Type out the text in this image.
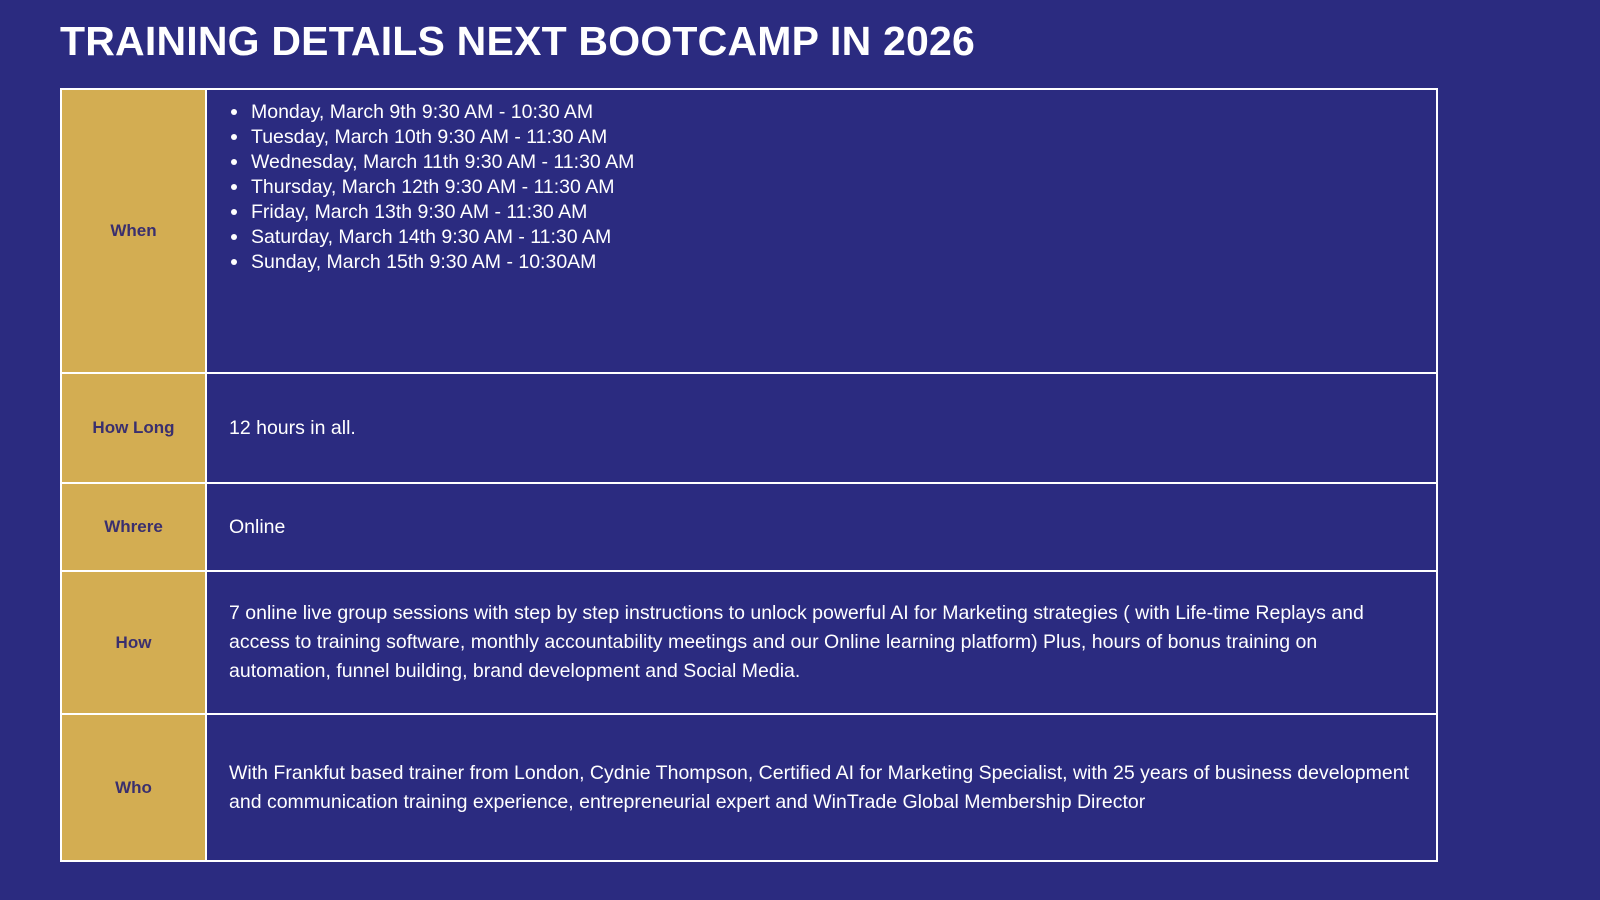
TRAINING DETAILS NEXT BOOTCAMP IN 2026
When
Monday, March 9th 9:30 AM - 10:30 AM
Tuesday, March 10th 9:30 AM - 11:30 AM
Wednesday, March 11th 9:30 AM - 11:30 AM
Thursday, March 12th 9:30 AM - 11:30 AM
Friday, March 13th 9:30 AM - 11:30 AM
Saturday, March 14th 9:30 AM - 11:30 AM
Sunday, March 15th 9:30 AM - 10:30AM
How Long	12 hours in all.
Whrere	Online
How
7 online live group sessions with step by step instructions to unlock powerful AI for Marketing strategies ( with Life-time Replays and access to training software, monthly accountability meetings and our Online learning platform) Plus, hours of bonus training on automation, funnel building, brand development and Social Media.
Who
With Frankfut based trainer from London, Cydnie Thompson, Certified AI for Marketing Specialist, with 25 years of business development and communication training experience, entrepreneurial expert and WinTrade Global Membership Director
